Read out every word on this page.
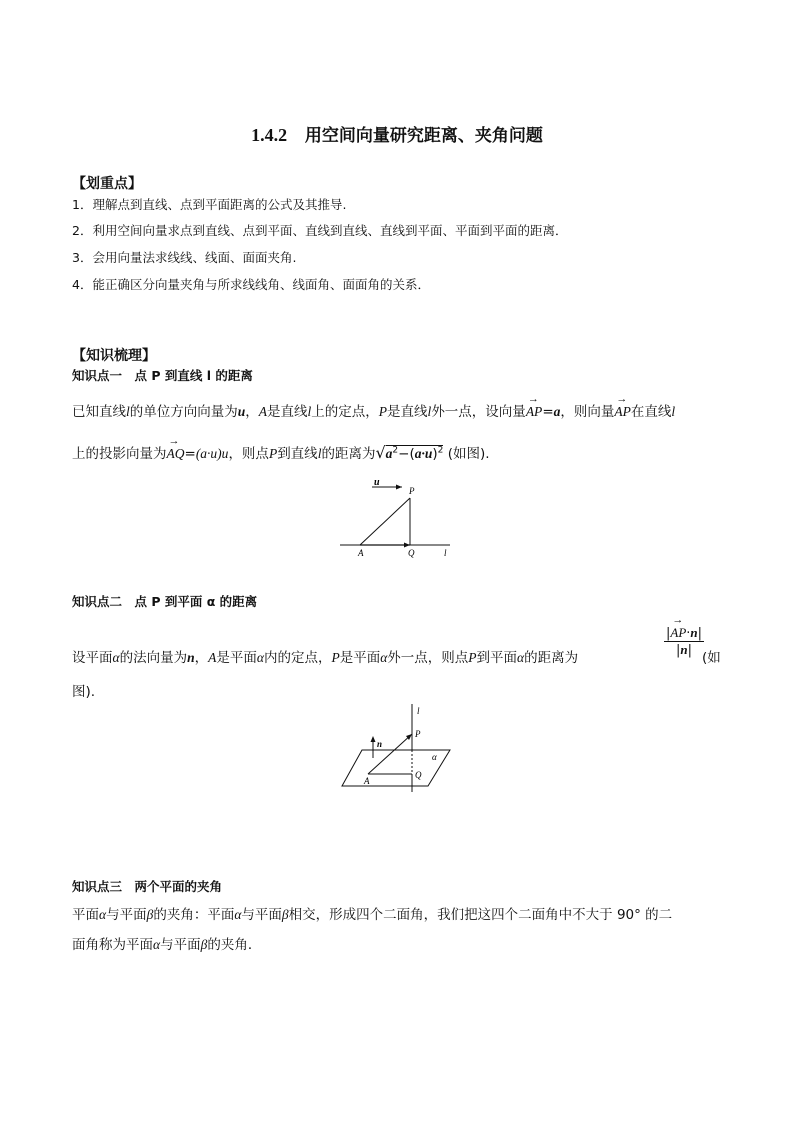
1.4.2 用空间向量研究距离、夹角问题
【划重点】
1．理解点到直线、点到平面距离的公式及其推导.
2．利用空间向量求点到直线、点到平面、直线到直线、直线到平面、平面到平面的距离．
3．会用向量法求线线、线面、面面夹角.
4．能正确区分向量夹角与所求线线角、线面角、面面角的关系．
【知识梳理】
知识点一　点 P 到直线 l 的距离
已知直线l的单位方向向量为u，A是直线l上的定点，P是直线l外一点，设向量→ AP=a，则向量→ AP在直线l
上的投影向量为→ AQ=(a·u)u，则点P到直线l的距离为$√a^2-(a\cdot u)^2$ (如图).
u
P
A	Q	l
知识点二　点 P 到平面 α 的距离
设平面α的法向量为n，A是平面α内的定点，P是平面α外一点，则点P到平面α的距离为	$\frac{|\to AP\cdot n|}{|n|}$
(如
图).
l
n
P
α
A
Q
知识点三　两个平面的夹角
平面α与平面β的夹角：平面α与平面β相交，形成四个二面角，我们把这四个二面角中不大于 90° 的二
面角称为平面α与平面β的夹角．
